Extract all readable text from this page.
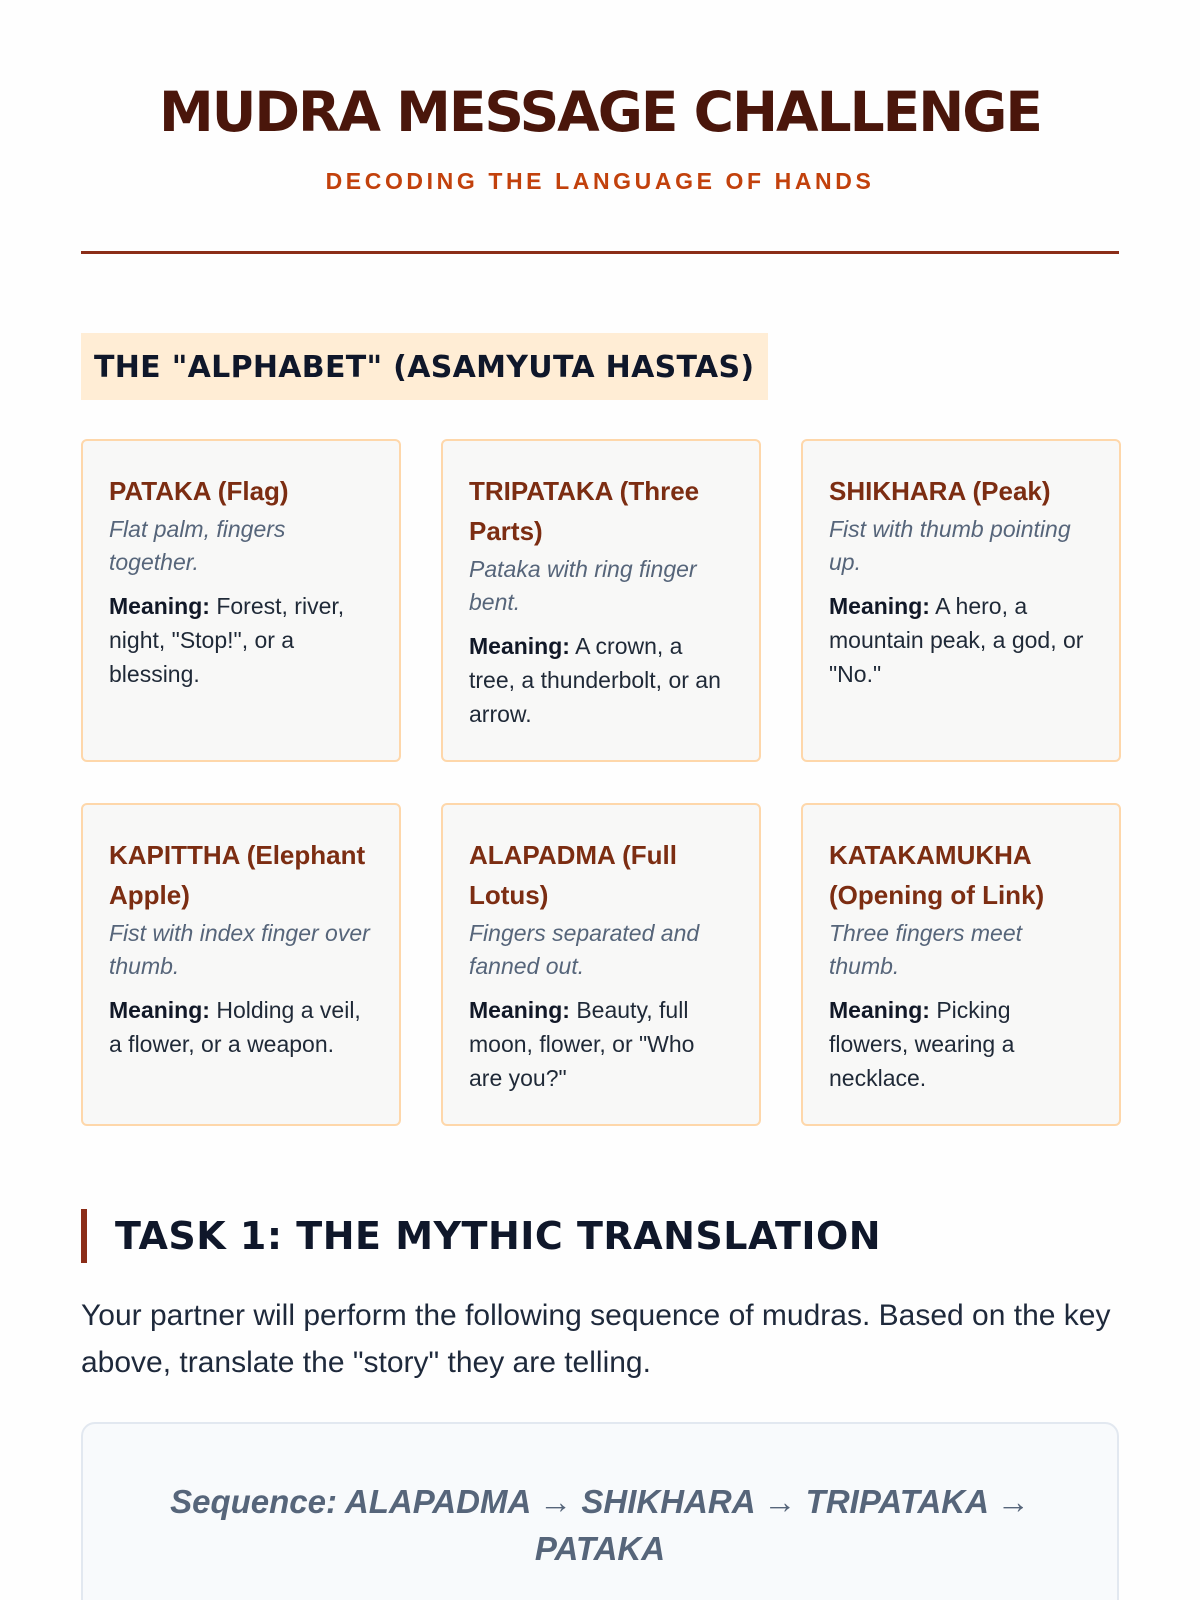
MUDRA MESSAGE CHALLENGE
DECODING THE LANGUAGE OF HANDS
THE "ALPHABET" (ASAMYUTA HASTAS)
PATAKA (Flag)
Flat palm, fingers together.
Meaning: Forest, river, night, "Stop!", or a blessing.
TRIPATAKA (Three Parts)
Pataka with ring finger bent.
Meaning: A crown, a tree, a thunderbolt, or an arrow.
SHIKHARA (Peak)
Fist with thumb pointing up.
Meaning: A hero, a mountain peak, a god, or "No."
KAPITTHA (Elephant Apple)
Fist with index finger over thumb.
Meaning: Holding a veil, a flower, or a weapon.
ALAPADMA (Full Lotus)
Fingers separated and fanned out.
Meaning: Beauty, full moon, flower, or "Who are you?"
KATAKAMUKHA (Opening of Link)
Three fingers meet thumb.
Meaning: Picking flowers, wearing a necklace.
TASK 1: THE MYTHIC TRANSLATION
Your partner will perform the following sequence of mudras. Based on the key above, translate the "story" they are telling.
Sequence: ALAPADMA → SHIKHARA → TRIPATAKA → PATAKA
